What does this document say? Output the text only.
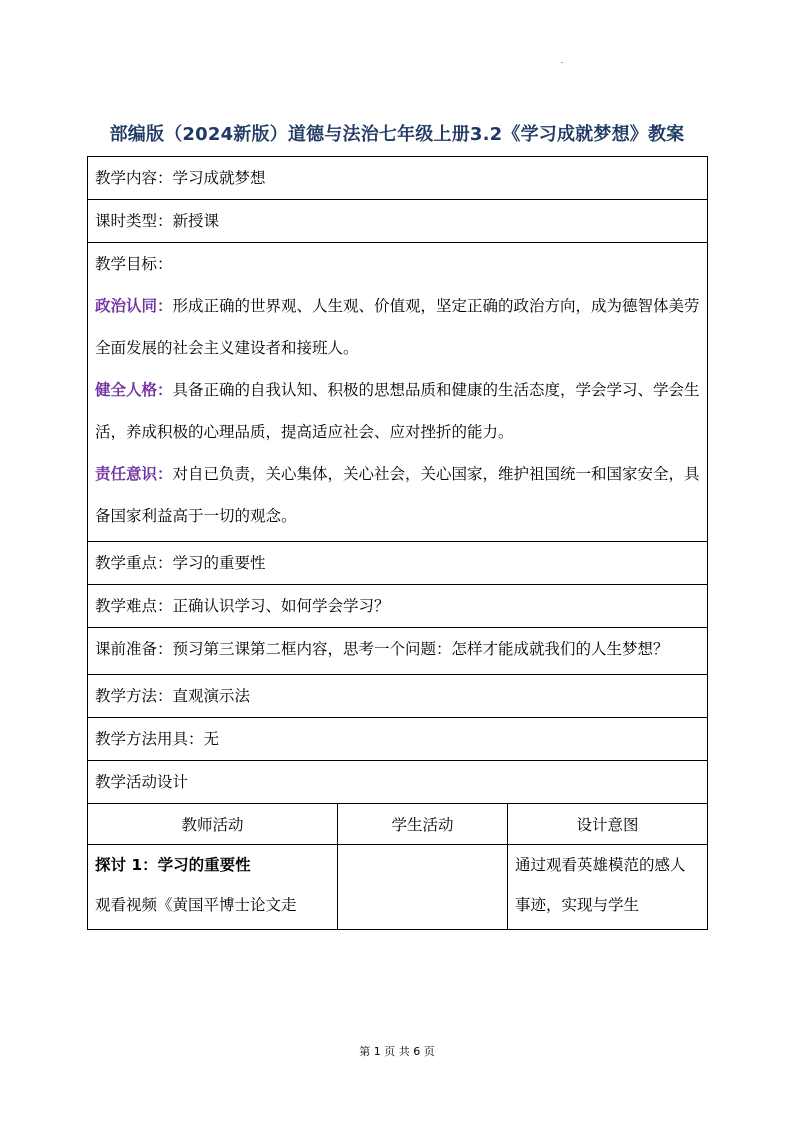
部编版（2024新版）道德与法治七年级上册3.2《学习成就梦想》教案
教学内容：学习成就梦想		
课时类型：新授课		

教学目标：

政治认同：形成正确的世界观、人生观、价值观，坚定正确的政治方向，成为德智体美劳全面发展的社会主义建设者和接班人。

健全人格：具备正确的自我认知、积极的思想品质和健康的生活态度，学会学习、学会生活，养成积极的心理品质，提高适应社会、应对挫折的能力。

责任意识：对自已负责，关心集体，关心社会，关心国家，维护祖国统一和国家安全，具备国家利益高于一切的观念。		

教学重点：学习的重要性		
教学难点：正确认识学习、如何学会学习？		
课前准备：预习第三课第二框内容，思考一个问题：怎样才能成就我们的人生梦想？		
教学方法：直观演示法		
教学方法用具：无		
教学活动设计		
教师活动	学生活动	设计意图

探讨 1：学习的重要性
观看视频《黄国平博士论文走		通过观看英雄模范的感人事迹，实现与学生
第 1 页 共 6 页
